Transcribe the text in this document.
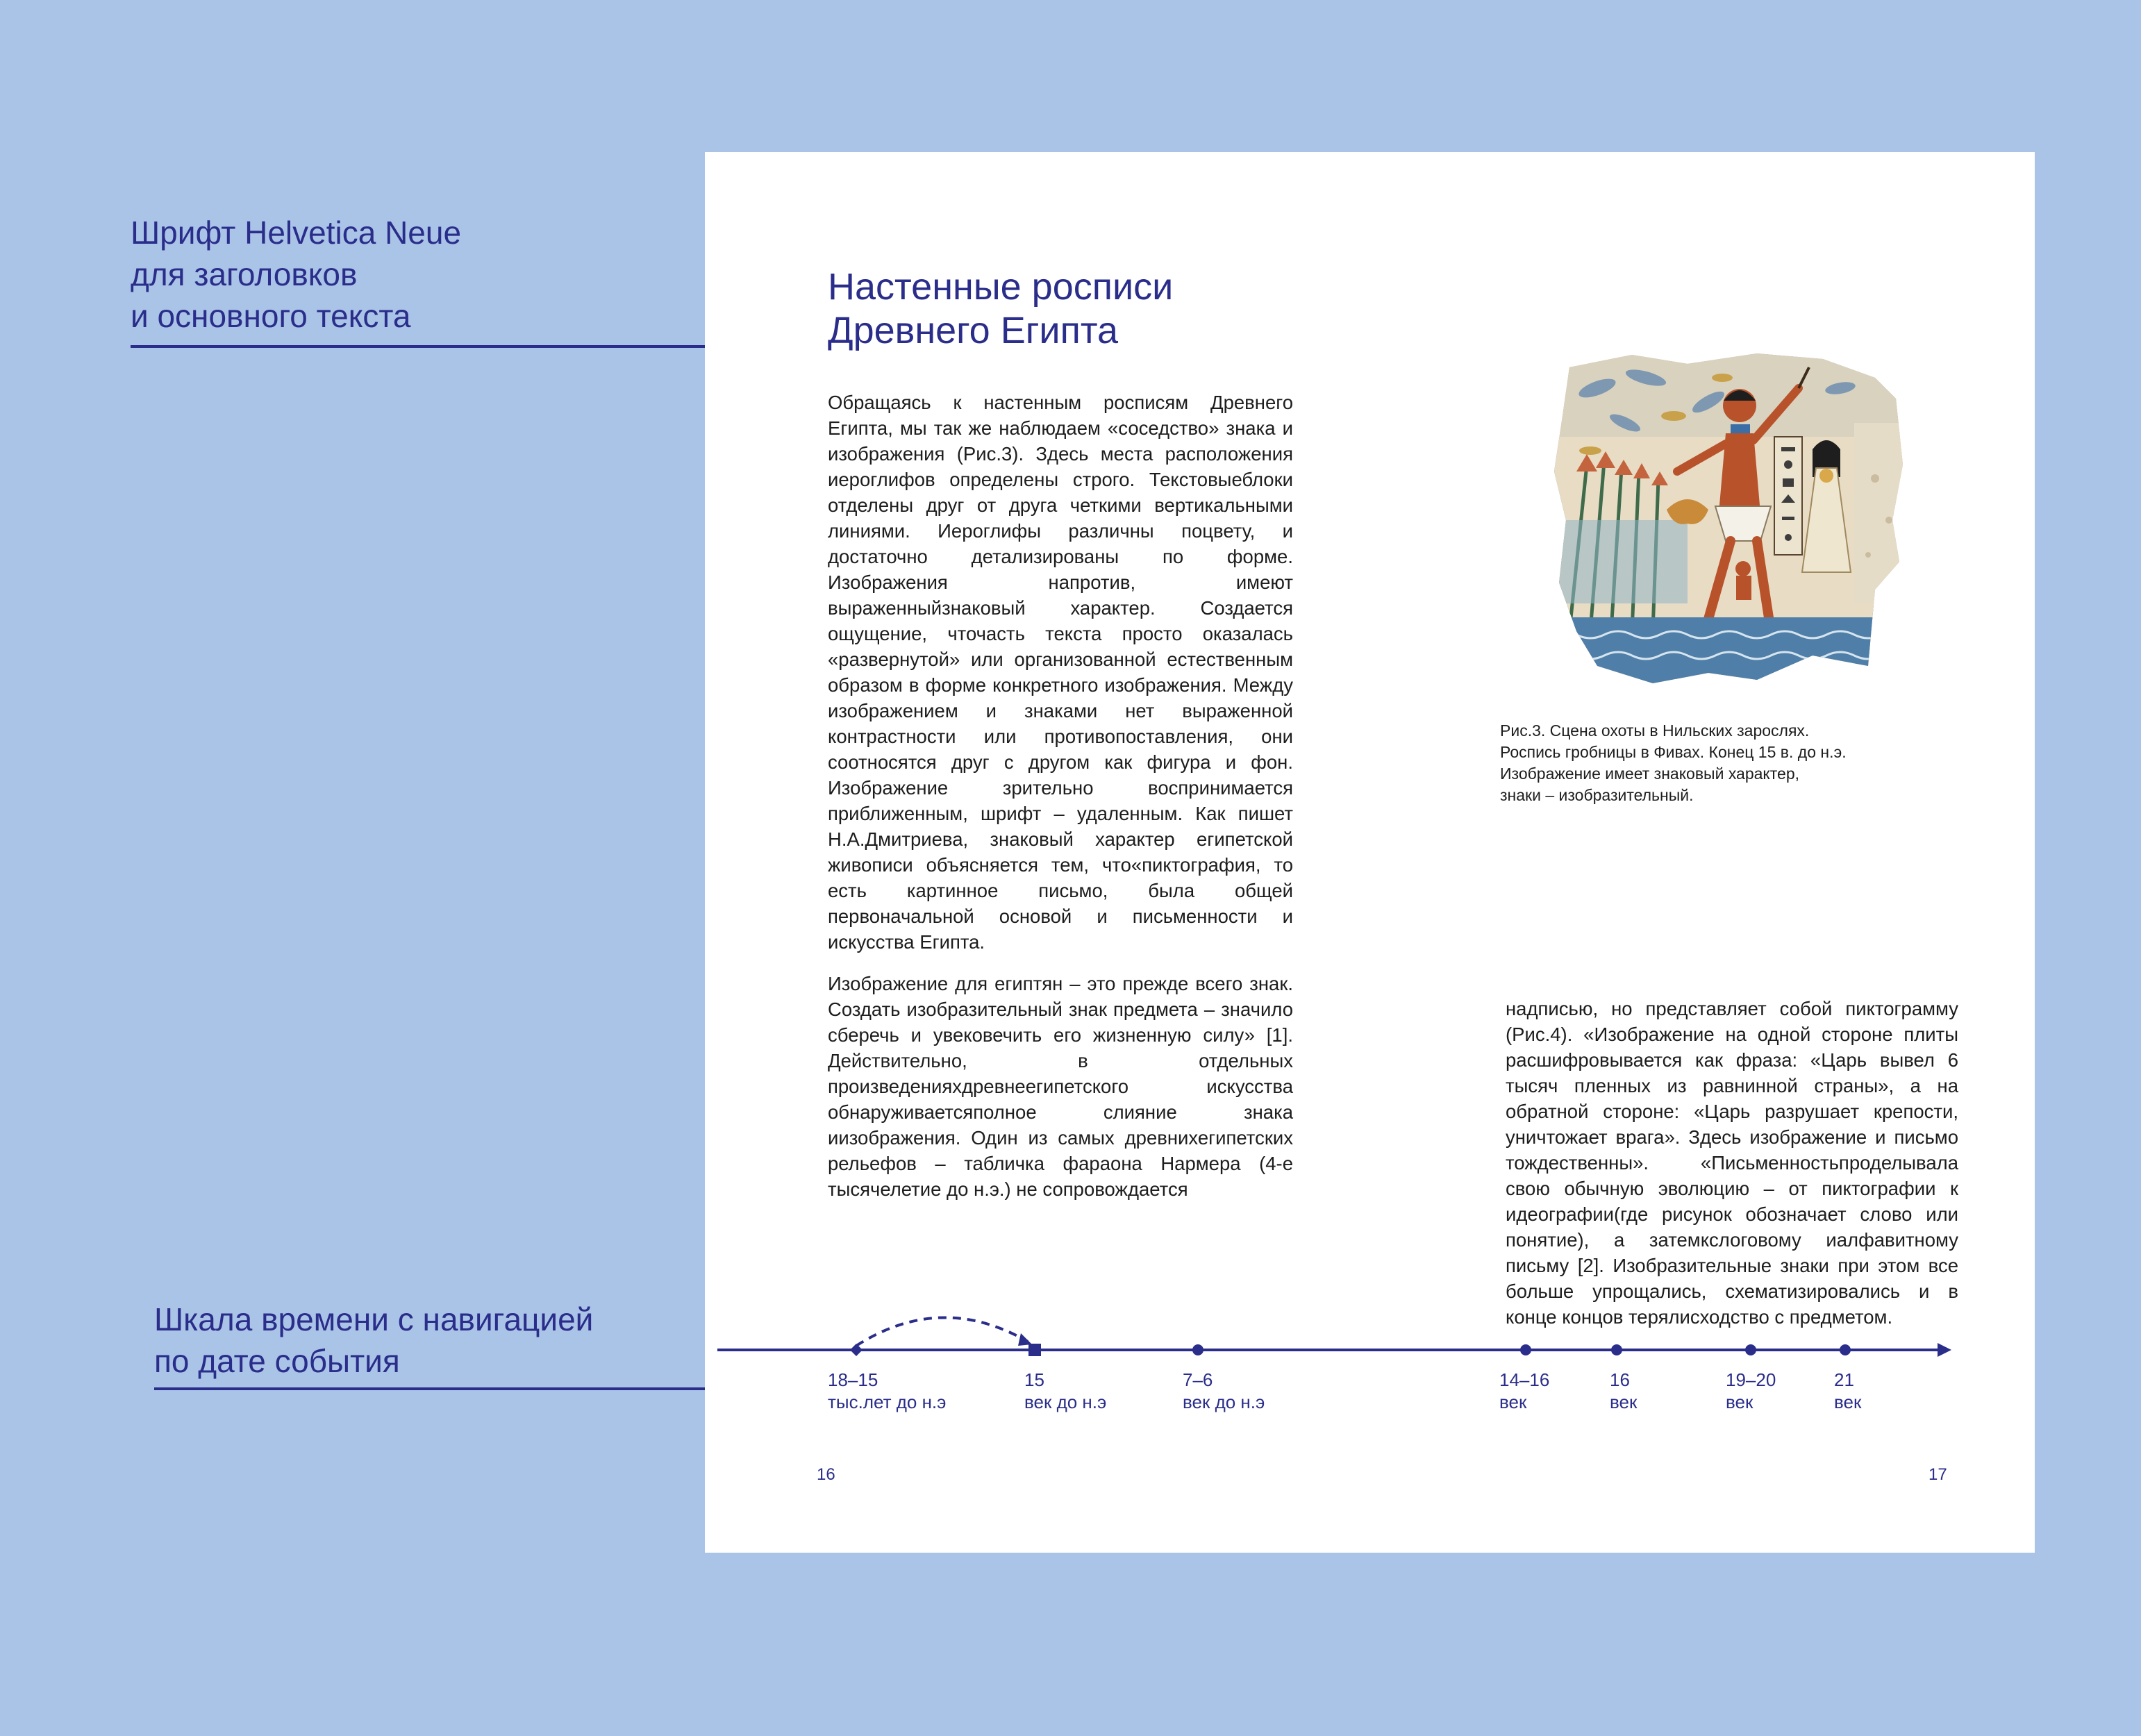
Шрифт Helvetica Neue
для заголовков
и основного текста

Шкала времени с навигацией
по дате события

Настенные росписи
Древнего Египта

Обращаясь к настенным росписям Древнего Египта, мы так же наблюдаем «соседство» знака и изображения (Рис.3). Здесь места расположения иероглифов определены строго. Текстовыеблоки отделены друг от друга четкими вертикальными линиями. Иероглифы различны поцвету, и достаточно детализированы по форме. Изображения напротив, имеют выраженныйзнаковый характер. Создается ощущение, чточасть текста просто оказалась «развернутой» или организованной естественным образом в форме конкретного изображения. Между изображением и знаками нет выраженной контрастности или противопоставления, они соотносятся друг с другом как фигура и фон. Изображение зрительно воспринимается приближенным, шрифт – удаленным. Как пишет Н.А.Дмитриева, знаковый характер египетской живописи объясняется тем, что«пиктография, то есть картинное письмо, была общей первоначальной основой и письменности и искусства Египта.

Изображение для египтян – это прежде всего знак. Создать изобразительный знак предмета – значило сберечь и увековечить его жизненную силу» [1]. Действительно, в отдельных произведенияхдревнеегипетского искусства обнаруживаетсяполное слияние знака иизображения. Один из самых древнихегипетских рельефов – табличка фараона Нармера (4-е тысячелетие до н.э.) не сопровождается

Рис.3. Сцена охоты в Нильских зарослях.
Роспись гробницы в Фивах. Конец 15 в. до н.э.
Изображение имеет знаковый характер,
знаки – изобразительный.

надписью, но представляет собой пиктограмму (Рис.4). «Изображение на одной стороне плиты расшифровывается как фраза: «Царь вывел 6 тысяч пленных из равнинной страны», а на обратной стороне: «Царь разрушает крепости, уничтожает врага». Здесь изображение и письмо тождественны». «Письменностьпроделывала свою обычную эволюцию – от пиктографии к идеографии(где рисунок обозначает слово или понятие), а затемкслоговому иалфавитному письму [2]. Изобразительные знаки при этом все больше упрощались, схематизировались и в конце концов терялисходство с предметом.

16	17
18–15
тыс.лет до н.э
15
век до н.э
7–6
век до н.э
14–16
век
16
век
19–20
век
21
век
